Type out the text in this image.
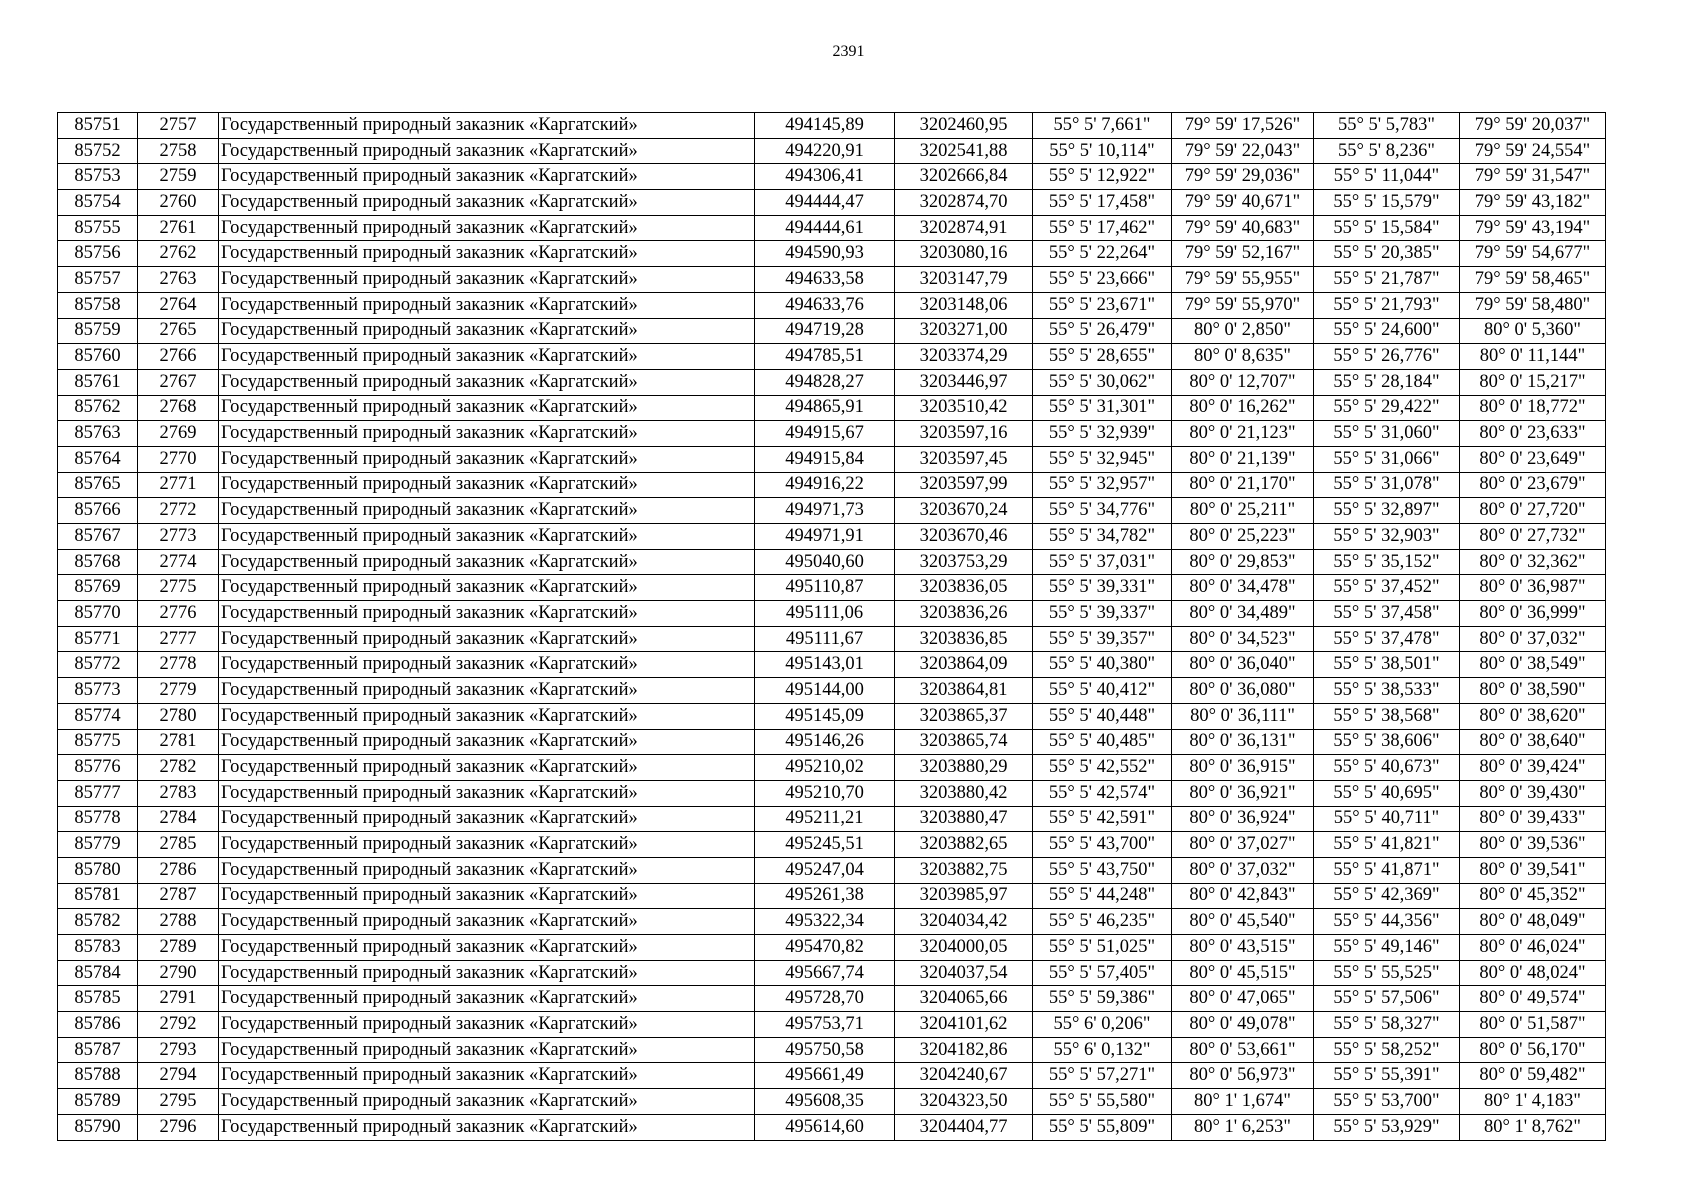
2391
85751	2757	Государственный природный заказник «Каргатский»	494145,89	3202460,95	55° 5' 7,661"	79° 59' 17,526"	55° 5' 5,783"	79° 59' 20,037"
85752	2758	Государственный природный заказник «Каргатский»	494220,91	3202541,88	55° 5' 10,114"	79° 59' 22,043"	55° 5' 8,236"	79° 59' 24,554"
85753	2759	Государственный природный заказник «Каргатский»	494306,41	3202666,84	55° 5' 12,922"	79° 59' 29,036"	55° 5' 11,044"	79° 59' 31,547"
85754	2760	Государственный природный заказник «Каргатский»	494444,47	3202874,70	55° 5' 17,458"	79° 59' 40,671"	55° 5' 15,579"	79° 59' 43,182"
85755	2761	Государственный природный заказник «Каргатский»	494444,61	3202874,91	55° 5' 17,462"	79° 59' 40,683"	55° 5' 15,584"	79° 59' 43,194"
85756	2762	Государственный природный заказник «Каргатский»	494590,93	3203080,16	55° 5' 22,264"	79° 59' 52,167"	55° 5' 20,385"	79° 59' 54,677"
85757	2763	Государственный природный заказник «Каргатский»	494633,58	3203147,79	55° 5' 23,666"	79° 59' 55,955"	55° 5' 21,787"	79° 59' 58,465"
85758	2764	Государственный природный заказник «Каргатский»	494633,76	3203148,06	55° 5' 23,671"	79° 59' 55,970"	55° 5' 21,793"	79° 59' 58,480"
85759	2765	Государственный природный заказник «Каргатский»	494719,28	3203271,00	55° 5' 26,479"	80° 0' 2,850"	55° 5' 24,600"	80° 0' 5,360"
85760	2766	Государственный природный заказник «Каргатский»	494785,51	3203374,29	55° 5' 28,655"	80° 0' 8,635"	55° 5' 26,776"	80° 0' 11,144"
85761	2767	Государственный природный заказник «Каргатский»	494828,27	3203446,97	55° 5' 30,062"	80° 0' 12,707"	55° 5' 28,184"	80° 0' 15,217"
85762	2768	Государственный природный заказник «Каргатский»	494865,91	3203510,42	55° 5' 31,301"	80° 0' 16,262"	55° 5' 29,422"	80° 0' 18,772"
85763	2769	Государственный природный заказник «Каргатский»	494915,67	3203597,16	55° 5' 32,939"	80° 0' 21,123"	55° 5' 31,060"	80° 0' 23,633"
85764	2770	Государственный природный заказник «Каргатский»	494915,84	3203597,45	55° 5' 32,945"	80° 0' 21,139"	55° 5' 31,066"	80° 0' 23,649"
85765	2771	Государственный природный заказник «Каргатский»	494916,22	3203597,99	55° 5' 32,957"	80° 0' 21,170"	55° 5' 31,078"	80° 0' 23,679"
85766	2772	Государственный природный заказник «Каргатский»	494971,73	3203670,24	55° 5' 34,776"	80° 0' 25,211"	55° 5' 32,897"	80° 0' 27,720"
85767	2773	Государственный природный заказник «Каргатский»	494971,91	3203670,46	55° 5' 34,782"	80° 0' 25,223"	55° 5' 32,903"	80° 0' 27,732"
85768	2774	Государственный природный заказник «Каргатский»	495040,60	3203753,29	55° 5' 37,031"	80° 0' 29,853"	55° 5' 35,152"	80° 0' 32,362"
85769	2775	Государственный природный заказник «Каргатский»	495110,87	3203836,05	55° 5' 39,331"	80° 0' 34,478"	55° 5' 37,452"	80° 0' 36,987"
85770	2776	Государственный природный заказник «Каргатский»	495111,06	3203836,26	55° 5' 39,337"	80° 0' 34,489"	55° 5' 37,458"	80° 0' 36,999"
85771	2777	Государственный природный заказник «Каргатский»	495111,67	3203836,85	55° 5' 39,357"	80° 0' 34,523"	55° 5' 37,478"	80° 0' 37,032"
85772	2778	Государственный природный заказник «Каргатский»	495143,01	3203864,09	55° 5' 40,380"	80° 0' 36,040"	55° 5' 38,501"	80° 0' 38,549"
85773	2779	Государственный природный заказник «Каргатский»	495144,00	3203864,81	55° 5' 40,412"	80° 0' 36,080"	55° 5' 38,533"	80° 0' 38,590"
85774	2780	Государственный природный заказник «Каргатский»	495145,09	3203865,37	55° 5' 40,448"	80° 0' 36,111"	55° 5' 38,568"	80° 0' 38,620"
85775	2781	Государственный природный заказник «Каргатский»	495146,26	3203865,74	55° 5' 40,485"	80° 0' 36,131"	55° 5' 38,606"	80° 0' 38,640"
85776	2782	Государственный природный заказник «Каргатский»	495210,02	3203880,29	55° 5' 42,552"	80° 0' 36,915"	55° 5' 40,673"	80° 0' 39,424"
85777	2783	Государственный природный заказник «Каргатский»	495210,70	3203880,42	55° 5' 42,574"	80° 0' 36,921"	55° 5' 40,695"	80° 0' 39,430"
85778	2784	Государственный природный заказник «Каргатский»	495211,21	3203880,47	55° 5' 42,591"	80° 0' 36,924"	55° 5' 40,711"	80° 0' 39,433"
85779	2785	Государственный природный заказник «Каргатский»	495245,51	3203882,65	55° 5' 43,700"	80° 0' 37,027"	55° 5' 41,821"	80° 0' 39,536"
85780	2786	Государственный природный заказник «Каргатский»	495247,04	3203882,75	55° 5' 43,750"	80° 0' 37,032"	55° 5' 41,871"	80° 0' 39,541"
85781	2787	Государственный природный заказник «Каргатский»	495261,38	3203985,97	55° 5' 44,248"	80° 0' 42,843"	55° 5' 42,369"	80° 0' 45,352"
85782	2788	Государственный природный заказник «Каргатский»	495322,34	3204034,42	55° 5' 46,235"	80° 0' 45,540"	55° 5' 44,356"	80° 0' 48,049"
85783	2789	Государственный природный заказник «Каргатский»	495470,82	3204000,05	55° 5' 51,025"	80° 0' 43,515"	55° 5' 49,146"	80° 0' 46,024"
85784	2790	Государственный природный заказник «Каргатский»	495667,74	3204037,54	55° 5' 57,405"	80° 0' 45,515"	55° 5' 55,525"	80° 0' 48,024"
85785	2791	Государственный природный заказник «Каргатский»	495728,70	3204065,66	55° 5' 59,386"	80° 0' 47,065"	55° 5' 57,506"	80° 0' 49,574"
85786	2792	Государственный природный заказник «Каргатский»	495753,71	3204101,62	55° 6' 0,206"	80° 0' 49,078"	55° 5' 58,327"	80° 0' 51,587"
85787	2793	Государственный природный заказник «Каргатский»	495750,58	3204182,86	55° 6' 0,132"	80° 0' 53,661"	55° 5' 58,252"	80° 0' 56,170"
85788	2794	Государственный природный заказник «Каргатский»	495661,49	3204240,67	55° 5' 57,271"	80° 0' 56,973"	55° 5' 55,391"	80° 0' 59,482"
85789	2795	Государственный природный заказник «Каргатский»	495608,35	3204323,50	55° 5' 55,580"	80° 1' 1,674"	55° 5' 53,700"	80° 1' 4,183"
85790	2796	Государственный природный заказник «Каргатский»	495614,60	3204404,77	55° 5' 55,809"	80° 1' 6,253"	55° 5' 53,929"	80° 1' 8,762"
